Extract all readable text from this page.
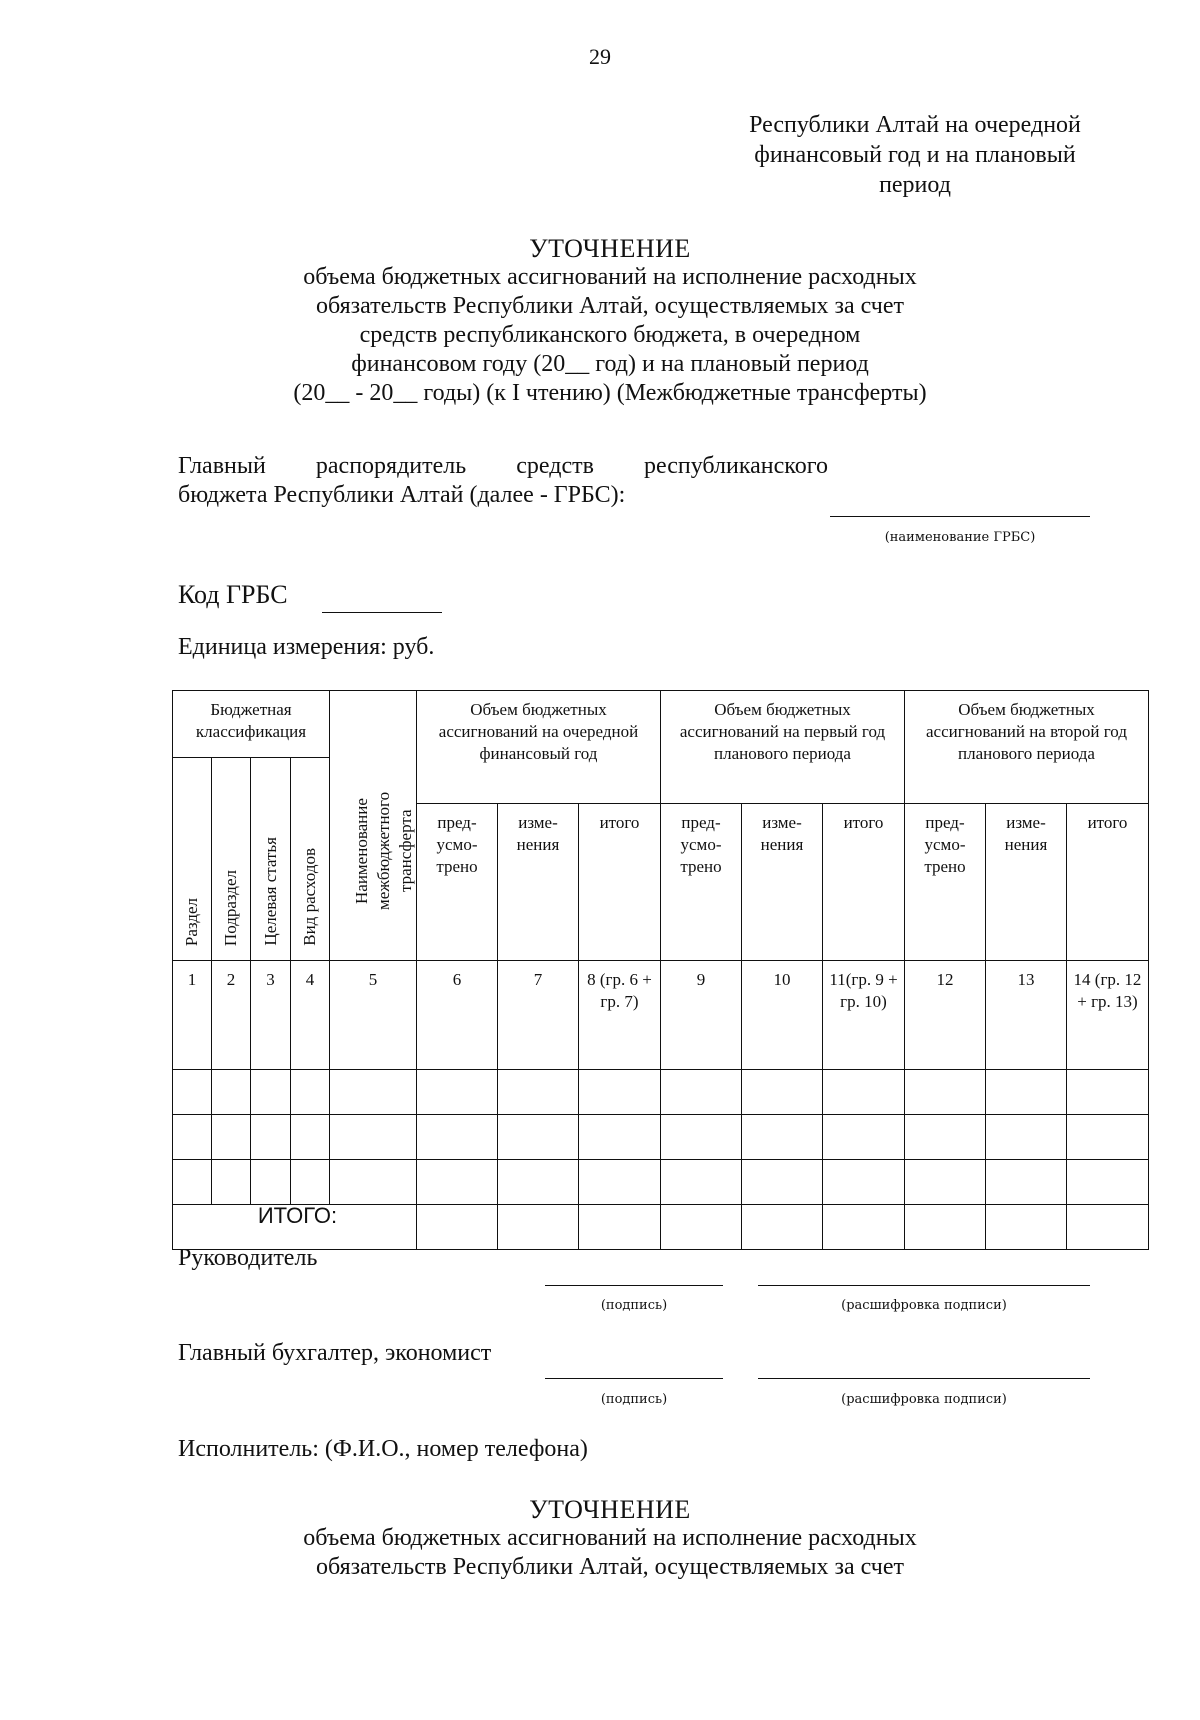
29
Республики Алтай на очередной
финансовый год и на плановый
период
УТОЧНЕНИЕ
объема бюджетных ассигнований на исполнение расходных
обязательств Республики Алтай, осуществляемых за счет
средств республиканского бюджета, в очередном
финансовом году (20__ год) и на плановый период
(20__ - 20__ годы) (к I чтению) (Межбюджетные трансферты)
Главный распорядитель средств республиканского
бюджета Республики Алтай (далее - ГРБС):
(наименование ГРБС)
Код ГРБС
Единица измерения: руб.
Бюджетная классификация				Наименование межбюджетного трансферта	Объем бюджетных ассигнований на очередной финансовый год			Объем бюджетных ассигнований на первый год планового периода			Объем бюджетных ассигнований на второй год планового периода		
Раздел	Подраздел	Целевая статья	Вид расходов										
					пред-усмо-трено	изме-нения	итого	пред-усмо-трено	изме-нения	итого	пред-усмо-трено	изме-нения	итого
1	2	3	4	5	6	7	8 (гр. 6 + гр. 7)	9	10	11(гр. 9 + гр. 10)	12	13	14 (гр. 12 + гр. 13)

ИТОГО:													
Руководитель
(подпись)	(расшифровка подписи)
Главный бухгалтер, экономист
(подпись)	(расшифровка подписи)
Исполнитель: (Ф.И.О., номер телефона)
УТОЧНЕНИЕ
объема бюджетных ассигнований на исполнение расходных
обязательств Республики Алтай, осуществляемых за счет
